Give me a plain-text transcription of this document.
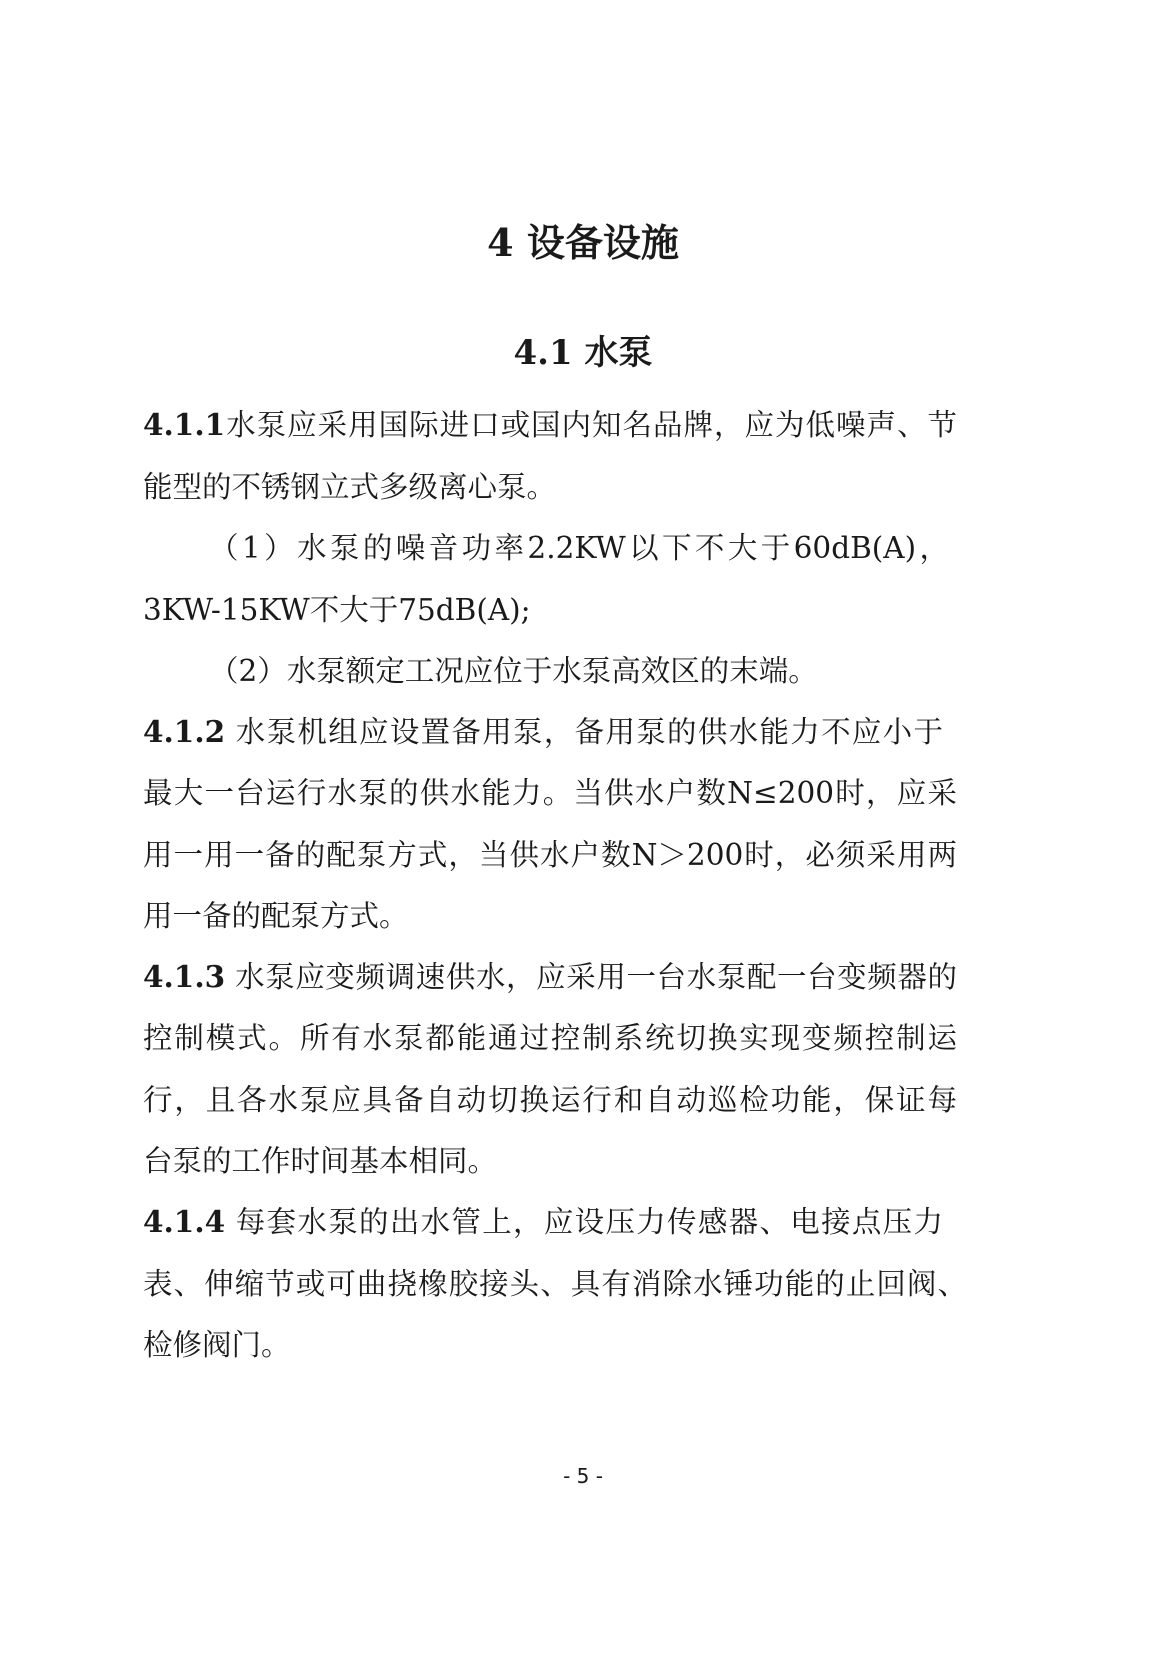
4 设备设施
4.1 水泵
4.1.1水泵应采用国际进口或国内知名品牌，应为低噪声、节
能型的不锈钢立式多级离心泵。
（1）水泵的噪音功率2.2KW以下不大于60dB(A)，
3KW-15KW不大于75dB(A);
（2）水泵额定工况应位于水泵高效区的末端。
4.1.2 水泵机组应设置备用泵，备用泵的供水能力不应小于
最大一台运行水泵的供水能力。当供水户数N≤200时，应采
用一用一备的配泵方式，当供水户数N＞200时，必须采用两
用一备的配泵方式。
4.1.3 水泵应变频调速供水，应采用一台水泵配一台变频器的
控制模式。所有水泵都能通过控制系统切换实现变频控制运
行，且各水泵应具备自动切换运行和自动巡检功能，保证每
台泵的工作时间基本相同。
4.1.4 每套水泵的出水管上，应设压力传感器、电接点压力
表、伸缩节或可曲挠橡胶接头、具有消除水锤功能的止回阀、
检修阀门。
- 5 -
